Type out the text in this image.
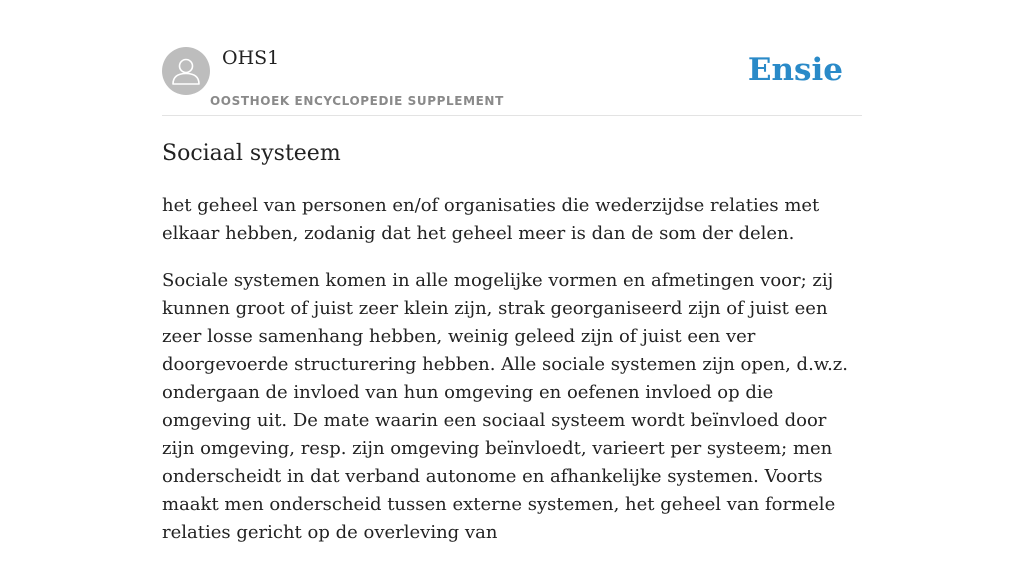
OHS1
OOSTHOEK ENCYCLOPEDIE SUPPLEMENT
Ensie
Sociaal systeem

het geheel van personen en/of organisaties die wederzijdse relaties met elkaar hebben, zodanig dat het geheel meer is dan de som der delen.

Sociale systemen komen in alle mogelijke vormen en afmetingen voor; zij kunnen groot of juist zeer klein zijn, strak georganiseerd zijn of juist een zeer losse samenhang hebben, weinig geleed zijn of juist een ver doorgevoerde structurering hebben. Alle sociale systemen zijn open, d.w.z. ondergaan de invloed van hun omgeving en oefenen invloed op die omgeving uit. De mate waarin een sociaal systeem wordt beïnvloed door zijn omgeving, resp. zijn omgeving beïnvloedt, varieert per systeem; men onderscheidt in dat verband autonome en afhankelijke systemen. Voorts maakt men onderscheid tussen externe systemen, het geheel van formele relaties gericht op de overleving van
